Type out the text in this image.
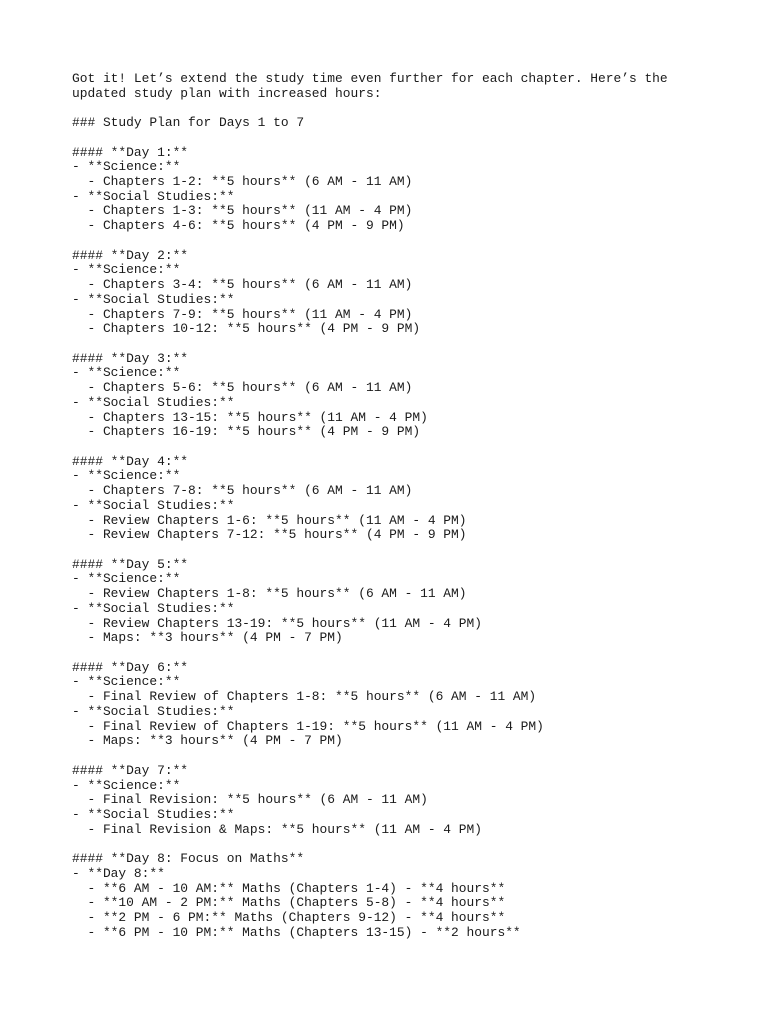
Got it! Let’s extend the study time even further for each chapter. Here’s the
updated study plan with increased hours:
### Study Plan for Days 1 to 7
#### **Day 1:**
- **Science:**
- Chapters 1-2: **5 hours** (6 AM - 11 AM)
- **Social Studies:**
- Chapters 1-3: **5 hours** (11 AM - 4 PM)
- Chapters 4-6: **5 hours** (4 PM - 9 PM)
#### **Day 2:**
- **Science:**
- Chapters 3-4: **5 hours** (6 AM - 11 AM)
- **Social Studies:**
- Chapters 7-9: **5 hours** (11 AM - 4 PM)
- Chapters 10-12: **5 hours** (4 PM - 9 PM)
#### **Day 3:**
- **Science:**
- Chapters 5-6: **5 hours** (6 AM - 11 AM)
- **Social Studies:**
- Chapters 13-15: **5 hours** (11 AM - 4 PM)
- Chapters 16-19: **5 hours** (4 PM - 9 PM)
#### **Day 4:**
- **Science:**
- Chapters 7-8: **5 hours** (6 AM - 11 AM)
- **Social Studies:**
- Review Chapters 1-6: **5 hours** (11 AM - 4 PM)
- Review Chapters 7-12: **5 hours** (4 PM - 9 PM)
#### **Day 5:**
- **Science:**
- Review Chapters 1-8: **5 hours** (6 AM - 11 AM)
- **Social Studies:**
- Review Chapters 13-19: **5 hours** (11 AM - 4 PM)
- Maps: **3 hours** (4 PM - 7 PM)
#### **Day 6:**
- **Science:**
- Final Review of Chapters 1-8: **5 hours** (6 AM - 11 AM)
- **Social Studies:**
- Final Review of Chapters 1-19: **5 hours** (11 AM - 4 PM)
- Maps: **3 hours** (4 PM - 7 PM)
#### **Day 7:**
- **Science:**
- Final Revision: **5 hours** (6 AM - 11 AM)
- **Social Studies:**
- Final Revision & Maps: **5 hours** (11 AM - 4 PM)
#### **Day 8: Focus on Maths**
- **Day 8:**
- **6 AM - 10 AM:** Maths (Chapters 1-4) - **4 hours**
- **10 AM - 2 PM:** Maths (Chapters 5-8) - **4 hours**
- **2 PM - 6 PM:** Maths (Chapters 9-12) - **4 hours**
- **6 PM - 10 PM:** Maths (Chapters 13-15) - **2 hours**
